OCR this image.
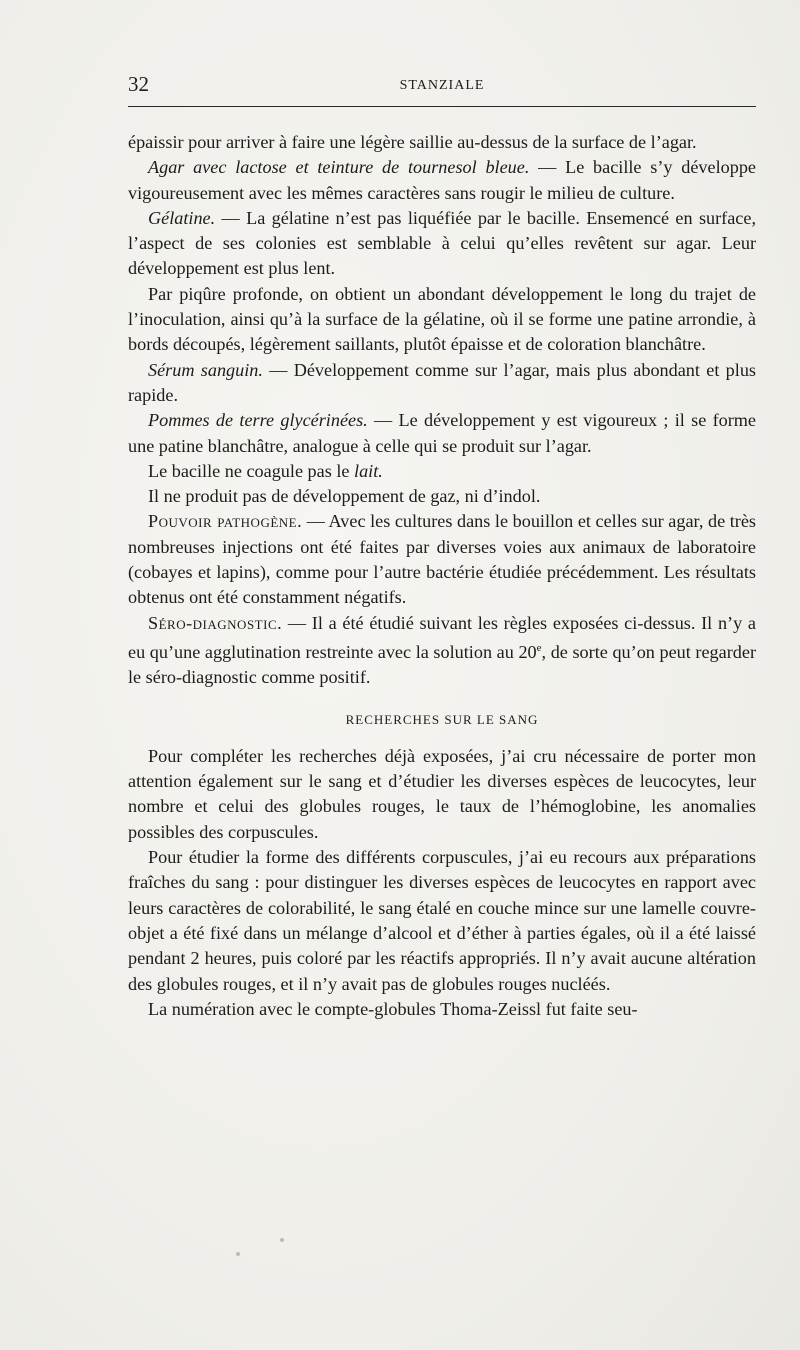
32	STANZIALE

épaissir pour arriver à faire une légère saillie au-dessus de la surface de l’agar.

Agar avec lactose et teinture de tournesol bleue. — Le bacille s’y développe vigoureusement avec les mêmes caractères sans rougir le milieu de culture.

Gélatine. — La gélatine n’est pas liquéfiée par le bacille. Ensemencé en surface, l’aspect de ses colonies est semblable à celui qu’elles revêtent sur agar. Leur développement est plus lent.

Par piqûre profonde, on obtient un abondant développement le long du trajet de l’inoculation, ainsi qu’à la surface de la gélatine, où il se forme une patine arrondie, à bords découpés, légèrement saillants, plutôt épaisse et de coloration blanchâtre.

Sérum sanguin. — Développement comme sur l’agar, mais plus abondant et plus rapide.

Pommes de terre glycérinées. — Le développement y est vigoureux ; il se forme une patine blanchâtre, analogue à celle qui se produit sur l’agar.

Le bacille ne coagule pas le lait.

Il ne produit pas de développement de gaz, ni d’indol.

Pouvoir pathogène. — Avec les cultures dans le bouillon et celles sur agar, de très nombreuses injections ont été faites par diverses voies aux animaux de laboratoire (cobayes et lapins), comme pour l’autre bactérie étudiée précédemment. Les résultats obtenus ont été constamment négatifs.

Séro-diagnostic. — Il a été étudié suivant les règles exposées ci-dessus. Il n’y a eu qu’une agglutination restreinte avec la solution au 20e, de sorte qu’on peut regarder le séro-diagnostic comme positif.

RECHERCHES SUR LE SANG

Pour compléter les recherches déjà exposées, j’ai cru nécessaire de porter mon attention également sur le sang et d’étudier les diverses espèces de leucocytes, leur nombre et celui des globules rouges, le taux de l’hémoglobine, les anomalies possibles des corpuscules.

Pour étudier la forme des différents corpuscules, j’ai eu recours aux préparations fraîches du sang : pour distinguer les diverses espèces de leucocytes en rapport avec leurs caractères de colorabilité, le sang étalé en couche mince sur une lamelle couvre-objet a été fixé dans un mélange d’alcool et d’éther à parties égales, où il a été laissé pendant 2 heures, puis coloré par les réactifs appropriés. Il n’y avait aucune altération des globules rouges, et il n’y avait pas de globules rouges nucléés.

La numération avec le compte-globules Thoma-Zeissl fut faite seu-
